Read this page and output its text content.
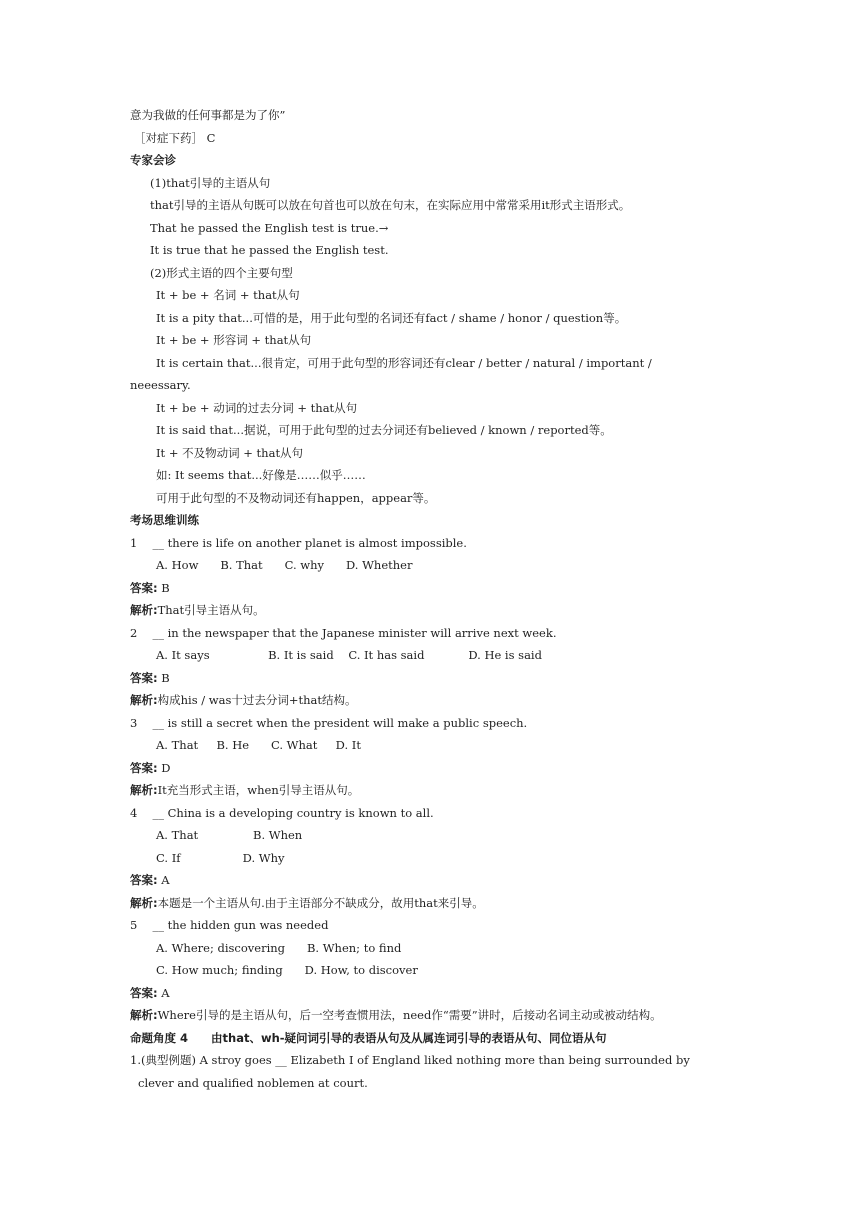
意为我做的任何事都是为了你”
［对症下药］ C
专家会诊
(1)that引导的主语从句
that引导的主语从句既可以放在句首也可以放在句末，在实际应用中常常采用it形式主语形式。
That he passed the English test is true.→
It is true that he passed the English test.
(2)形式主语的四个主要句型
It + be + 名词 + that从句
It is a pity that...可惜的是，用于此句型的名词还有fact / shame / honor / question等。
It + be + 形容词 + that从句
It is certain that...很肯定，可用于此句型的形容词还有clear / better / natural / important /
neeessary.
It + be + 动词的过去分词 + that从句
It is said that...据说，可用于此句型的过去分词还有believed / known / reported等。
It + 不及物动词 + that从句
如: It seems that...好像是……似乎……
可用于此句型的不及物动词还有happen，appear等。
考场思维训练
1　 __ there is life on another planet is almost impossible.
A. How      B. That      C. why      D. Whether
答案: B
解析:That引导主语从句。
2　 __ in the newspaper that the Japanese minister will arrive next week.
A. It says                B. It is said    C. It has said            D. He is said
答案: B
解析:构成his / was十过去分词+that结构。
3　 __ is still a secret when the president will make a public speech.
A. That     B. He      C. What     D. It
答案: D
解析:It充当形式主语，when引导主语从句。
4　 __ China is a developing country is known to all.
A. That               B. When
C. If                 D. Why
答案: A
解析:本题是一个主语从句.由于主语部分不缺成分，故用that来引导。
5　 __ the hidden gun was needed
A. Where; discovering      B. When; to find
C. How much; finding      D. How, to discover
答案: A
解析:Where引导的是主语从句，后一空考查惯用法，need作“需要”讲时，后接动名词主动或被动结构。
命题角度 4　　由that、wh-疑问词引导的表语从句及从属连词引导的表语从句、同位语从句
1.(典型例题) A stroy goes __ Elizabeth I of England liked nothing more than being surrounded by
clever and qualified noblemen at court.
